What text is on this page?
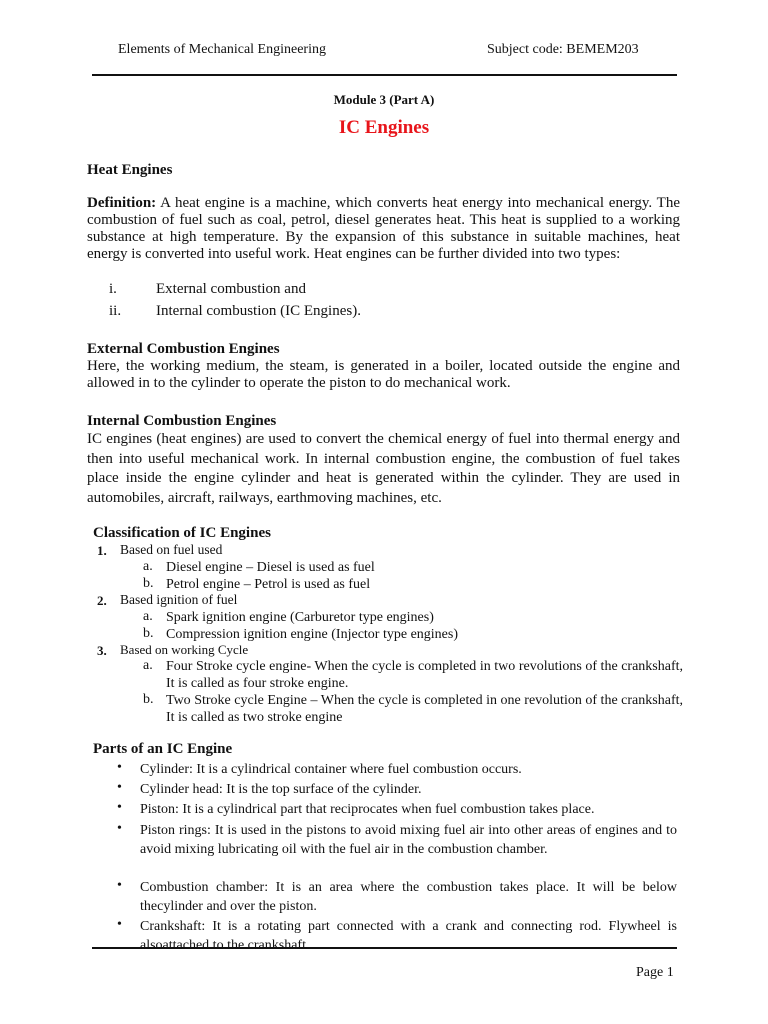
Elements of Mechanical Engineering	Subject code: BEMEM203
Module 3 (Part A)
IC Engines
Heat Engines
Definition: A heat engine is a machine, which converts heat energy into mechanical energy. The combustion of fuel such as coal, petrol, diesel generates heat. This heat is supplied to a working substance at high temperature. By the expansion of this substance in suitable machines, heat energy is converted into useful work. Heat engines can be further divided into two types:
i.	External combustion and
ii. Internal combustion (IC Engines).
External Combustion Engines
Here, the working medium, the steam, is generated in a boiler, located outside the engine and allowed in to the cylinder to operate the piston to do mechanical work.
Internal Combustion Engines
IC engines (heat engines) are used to convert the chemical energy of fuel into thermal energy and then into useful mechanical work. In internal combustion engine, the combustion of fuel takes place inside the engine cylinder and heat is generated within the cylinder. They are used in automobiles, aircraft, railways, earthmoving machines, etc.
Classification of IC Engines
1. Based on fuel used
a. Diesel engine – Diesel is used as fuel
b. Petrol engine – Petrol is used as fuel
2. Based ignition of fuel
a. Spark ignition engine (Carburetor type engines)
b. Compression ignition engine (Injector type engines)
3. Based on working Cycle
a. Four Stroke cycle engine- When the cycle is completed in two revolutions of the crankshaft, It is called as four stroke engine.
b. Two Stroke cycle Engine – When the cycle is completed in one revolution of the crankshaft, It is called as two stroke engine
Parts of an IC Engine
• Cylinder: It is a cylindrical container where fuel combustion occurs.
• Cylinder head: It is the top surface of the cylinder.
• Piston: It is a cylindrical part that reciprocates when fuel combustion takes place.
• Piston rings: It is used in the pistons to avoid mixing fuel air into other areas of engines and to avoid mixing lubricating oil with the fuel air in the combustion chamber.
• Combustion chamber: It is an area where the combustion takes place. It will be below thecylinder and over the piston.
• Crankshaft: It is a rotating part connected with a crank and connecting rod. Flywheel is alsoattached to the crankshaft.
Page 1
